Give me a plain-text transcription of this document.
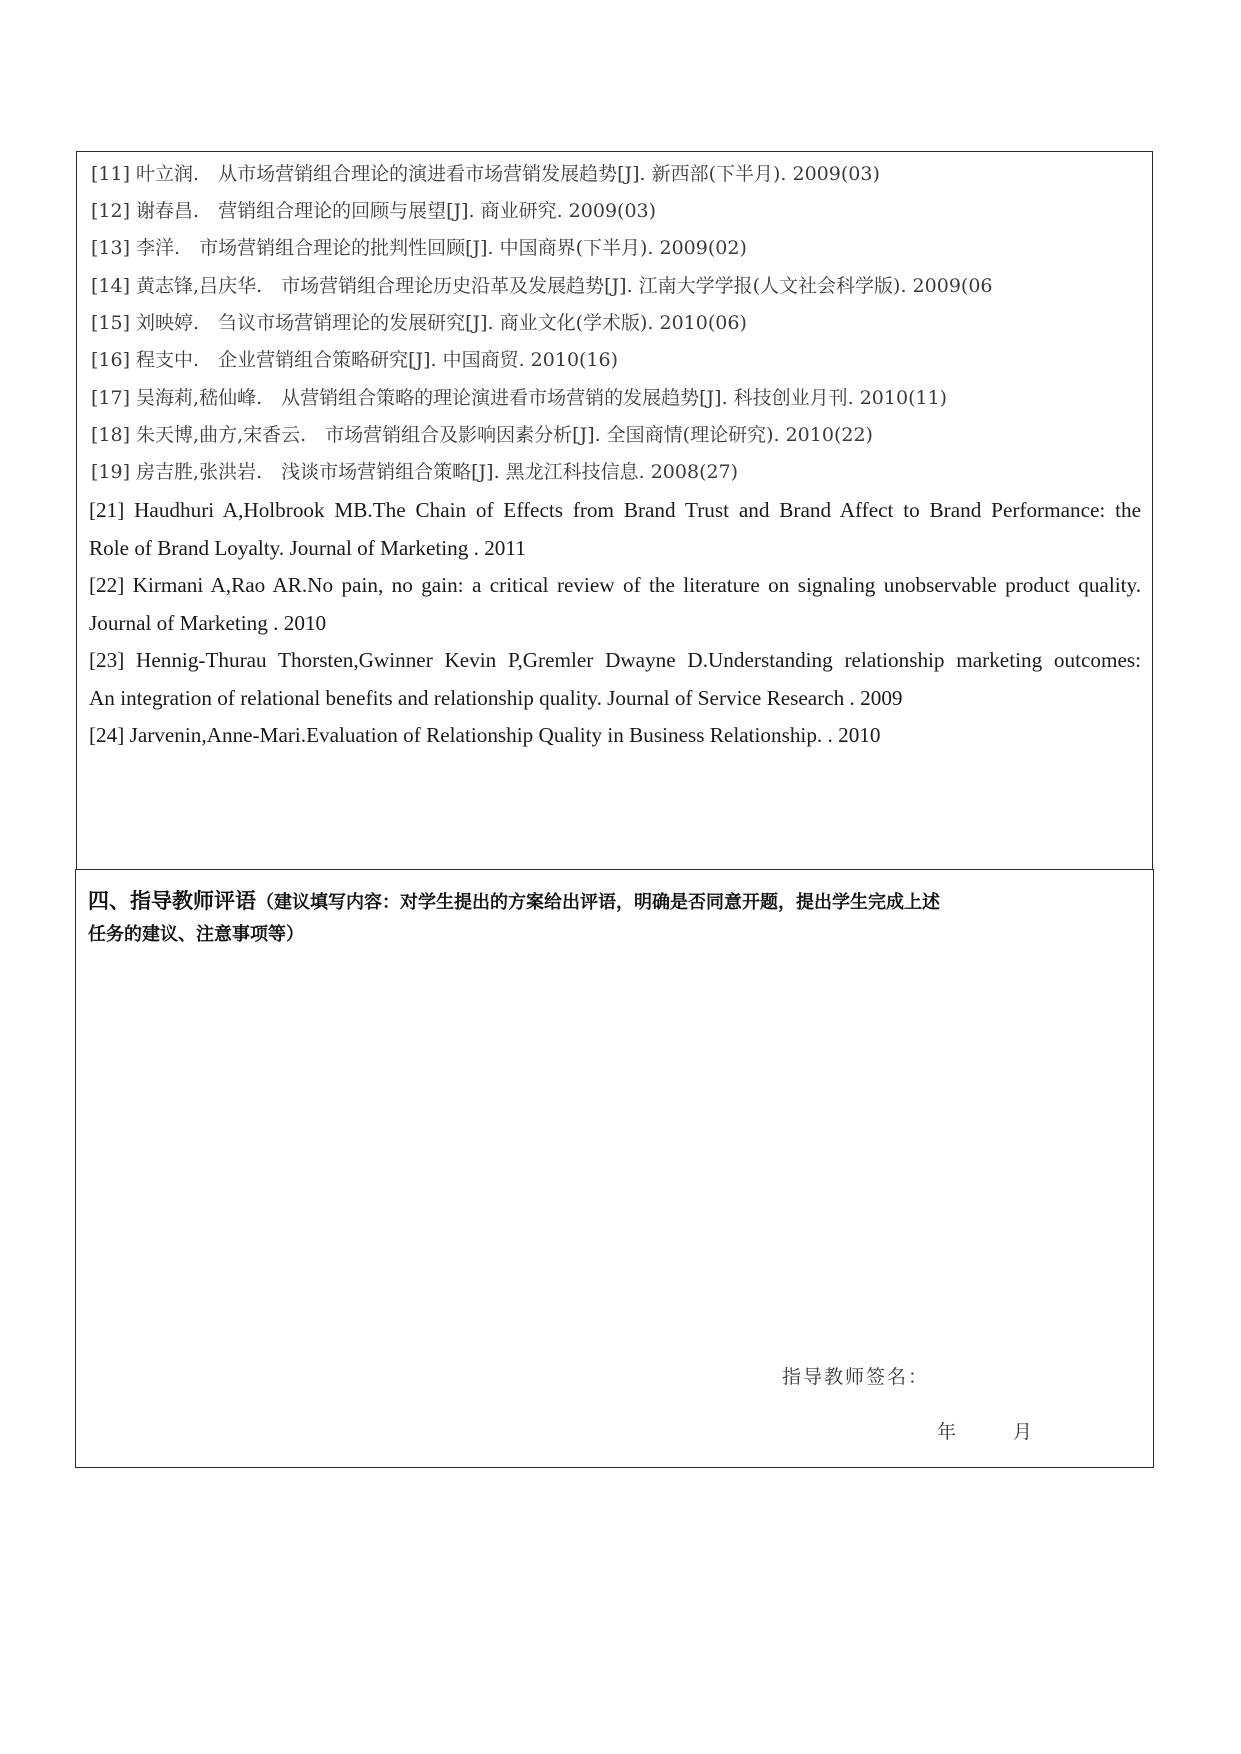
[11] 叶立润.　从市场营销组合理论的演进看市场营销发展趋势[J]. 新西部(下半月). 2009(03)
[12] 谢春昌.　营销组合理论的回顾与展望[J]. 商业研究. 2009(03)
[13] 李洋.　市场营销组合理论的批判性回顾[J]. 中国商界(下半月). 2009(02)
[14] 黄志锋,吕庆华.　市场营销组合理论历史沿革及发展趋势[J]. 江南大学学报(人文社会科学版). 2009(06
[15] 刘映婷.　刍议市场营销理论的发展研究[J]. 商业文化(学术版). 2010(06)
[16] 程支中.　企业营销组合策略研究[J]. 中国商贸. 2010(16)
[17] 吴海莉,嵇仙峰.　从营销组合策略的理论演进看市场营销的发展趋势[J]. 科技创业月刊. 2010(11)
[18] 朱天博,曲方,宋香云.　市场营销组合及影响因素分析[J]. 全国商情(理论研究). 2010(22)
[19] 房吉胜,张洪岩.　浅谈市场营销组合策略[J]. 黑龙江科技信息. 2008(27)
[21] Haudhuri A,Holbrook MB.The Chain of Effects from Brand Trust and Brand Affect to Brand Performance: the
Role of Brand Loyalty. Journal of Marketing . 2011
[22] Kirmani A,Rao AR.No pain, no gain: a critical review of the literature on signaling unobservable product quality.
Journal of Marketing . 2010
[23] Hennig-Thurau Thorsten,Gwinner Kevin P,Gremler Dwayne D.Understanding relationship marketing outcomes:
An integration of relational benefits and relationship quality. Journal of Service Research . 2009
[24] Jarvenin,Anne-Mari.Evaluation of Relationship Quality in Business Relationship. . 2010
四、指导教师评语（建议填写内容：对学生提出的方案给出评语，明确是否同意开题，提出学生完成上述
任务的建议、注意事项等）
指导教师签名：
年	月
